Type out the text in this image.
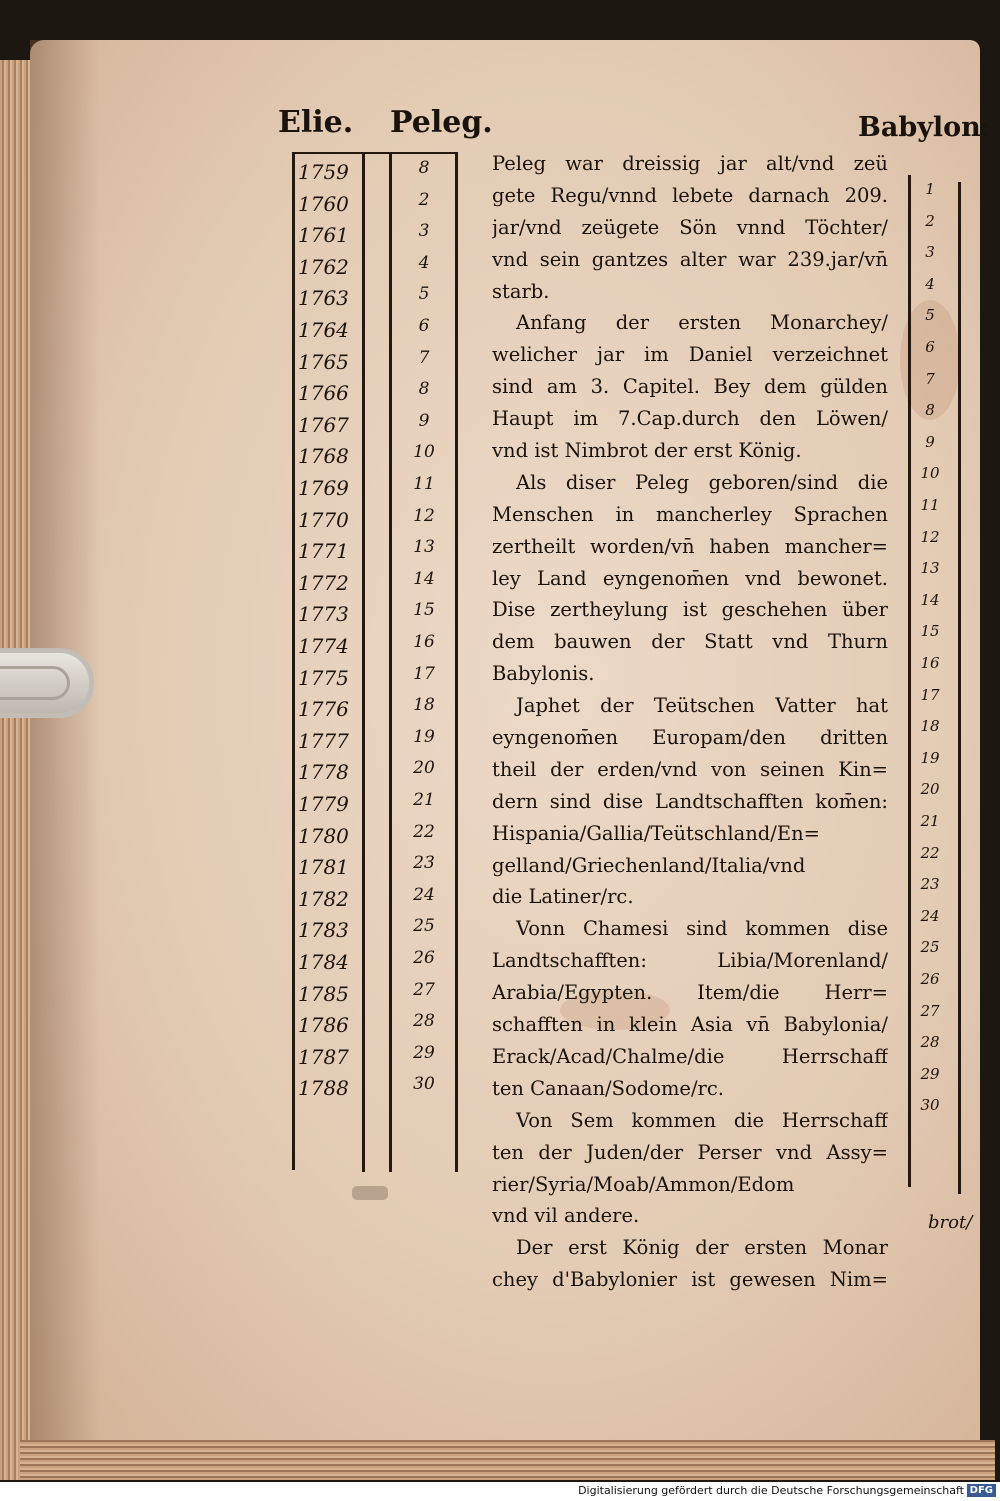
Elie. Peleg.	Babylon:
1759
1760
1761
1762
1763
1764
1765
1766
1767
1768
1769
1770
1771
1772
1773
1774
1775
1776
1777
1778
1779
1780
1781
1782
1783
1784
1785
1786
1787
1788
8
2
3
4
5
6
7
8
9
10
11
12
13
14
15
16
17
18
19
20
21
22
23
24
25
26
27
28
29
30
1
2
3
4
5
6
7
8
9
10
11
12
13
14
15
16
17
18
19
20
21
22
23
24
25
26
27
28
29
30
Peleg war dreissig jar alt/vnd zeü
gete Regu/vnnd lebete darnach 209.
jar/vnd zeügete Sön vnnd Töchter/
vnd sein gantzes alter war 239.jar/vn̄
starb.
Anfang der ersten Monarchey/
welicher jar im Daniel verzeichnet
sind am 3. Capitel. Bey dem gülden
Haupt im 7.Cap.durch den Löwen/
vnd ist Nimbrot der erst König.
Als diser Peleg geboren/sind die
Menschen in mancherley Sprachen
zertheilt worden/vn̄ haben mancher=
ley Land eyngenom̄en vnd bewonet.
Dise zertheylung ist geschehen über
dem bauwen der Statt vnd Thurn
Babylonis.
Japhet der Teütschen Vatter hat
eyngenom̄en Europam/den dritten
theil der erden/vnd von seinen Kin=
dern sind dise Landtschafften kom̄en:
Hispania/Gallia/Teütschland/En=
gelland/Griechenland/Italia/vnd
die Latiner/rc.
Vonn Chamesi sind kommen dise
Landtschafften: Libia/Morenland/
Arabia/Egypten. Item/die Herr=
schafften in klein Asia vn̄ Babylonia/
Erack/Acad/Chalme/die Herrschaff
ten Canaan/Sodome/rc.
Von Sem kommen die Herrschaff
ten der Juden/der Perser vnd Assy=
rier/Syria/Moab/Ammon/Edom
vnd vil andere.
Der erst König der ersten Monar
chey d'Babylonier ist gewesen Nim=
brot/
Digitalisierung gefördert durch die Deutsche Forschungsgemeinschaft DFG
